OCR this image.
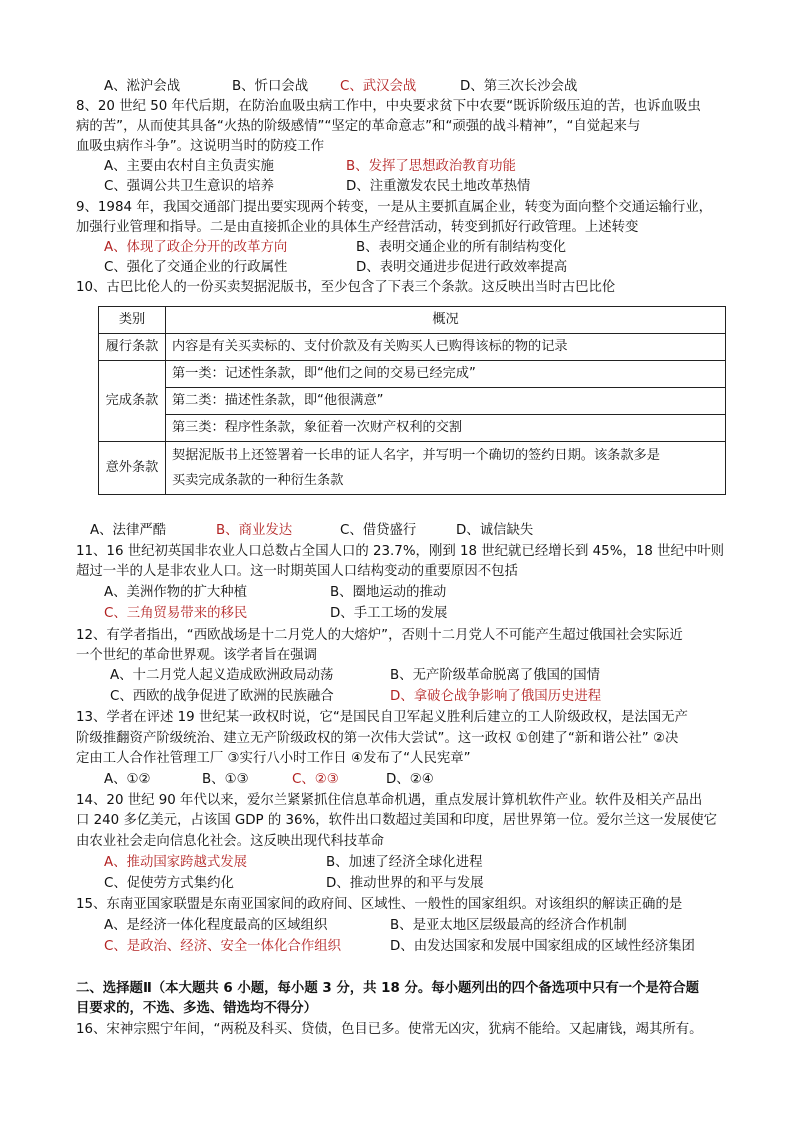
A、淞沪会战	B、忻口会战 C、武汉会战	D、第三次长沙会战
8、20 世纪 50 年代后期，在防治血吸虫病工作中，中央要求贫下中农要“既诉阶级压迫的苦，也诉血吸虫
病的苦”，从而使其具备“火热的阶级感情”“坚定的革命意志”和“顽强的战斗精神”，“自觉起来与
血吸虫病作斗争”。这说明当时的防疫工作
A、主要由农村自主负责实施	B、发挥了思想政治教育功能
C、强调公共卫生意识的培养	D、注重激发农民土地改革热情
9、1984 年，我国交通部门提出要实现两个转变，一是从主要抓直属企业，转变为面向整个交通运输行业，
加强行业管理和指导。二是由直接抓企业的具体生产经营活动，转变到抓好行政管理。上述转变
A、体现了政企分开的改革方向	B、表明交通企业的所有制结构变化
C、强化了交通企业的行政属性	D、表明交通进步促进行政效率提高
10、古巴比伦人的一份买卖契据泥版书，至少包含了下表三个条款。这反映出当时古巴比伦
类别	概况
履行条款	内容是有关买卖标的、支付价款及有关购买人已购得该标的物的记录
完成条款	第一类：记述性条款，即“他们之间的交易已经完成”
	第二类：描述性条款，即“他很满意”
	第三类：程序性条款，象征着一次财产权利的交割
意外条款	契据泥版书上还签署着一长串的证人名字，并写明一个确切的签约日期。该条款多是
买卖完成条款的一种衍生条款
A、法律严酷	B、商业发达	C、借贷盛行	D、诚信缺失
11、16 世纪初英国非农业人口总数占全国人口的 23.7%，刚到 18 世纪就已经增长到 45%，18 世纪中叶则
超过一半的人是非农业人口。这一时期英国人口结构变动的重要原因不包括
A、美洲作物的扩大种植	B、圈地运动的推动
C、三角贸易带来的移民	D、手工工场的发展
12、有学者指出，“西欧战场是十二月党人的大熔炉”，否则十二月党人不可能产生超过俄国社会实际近
一个世纪的革命世界观。该学者旨在强调
A、十二月党人起义造成欧洲政局动荡	B、无产阶级革命脱离了俄国的国情
C、西欧的战争促进了欧洲的民族融合	D、拿破仑战争影响了俄国历史进程
13、学者在评述 19 世纪某一政权时说，它“是国民自卫军起义胜利后建立的工人阶级政权，是法国无产
阶级推翻资产阶级统治、建立无产阶级政权的第一次伟大尝试”。这一政权 ①创建了“新和谐公社” ②决
定由工人合作社管理工厂 ③实行八小时工作日 ④发布了“人民宪章”
A、①②	B、①③	C、②③	D、②④
14、20 世纪 90 年代以来，爱尔兰紧紧抓住信息革命机遇，重点发展计算机软件产业。软件及相关产品出
口 240 多亿美元，占该国 GDP 的 36%，软件出口数超过美国和印度，居世界第一位。爱尔兰这一发展使它
由农业社会走向信息化社会。这反映出现代科技革命
A、推动国家跨越式发展	B、加速了经济全球化进程
C、促使劳方式集约化	D、推动世界的和平与发展
15、东南亚国家联盟是东南亚国家间的政府间、区域性、一般性的国家组织。对该组织的解读正确的是
A、是经济一体化程度最高的区域组织	B、是亚太地区层级最高的经济合作机制
C、是政治、经济、安全一体化合作组织	D、由发达国家和发展中国家组成的区域性经济集团
二、选择题Ⅱ（本大题共 6 小题，每小题 3 分，共 18 分。每小题列出的四个备选项中只有一个是符合题
目要求的，不选、多选、错选均不得分）
16、宋神宗熙宁年间，“两税及科买、贷债，色目已多。使常无凶灾，犹病不能给。又起庸钱，竭其所有。
